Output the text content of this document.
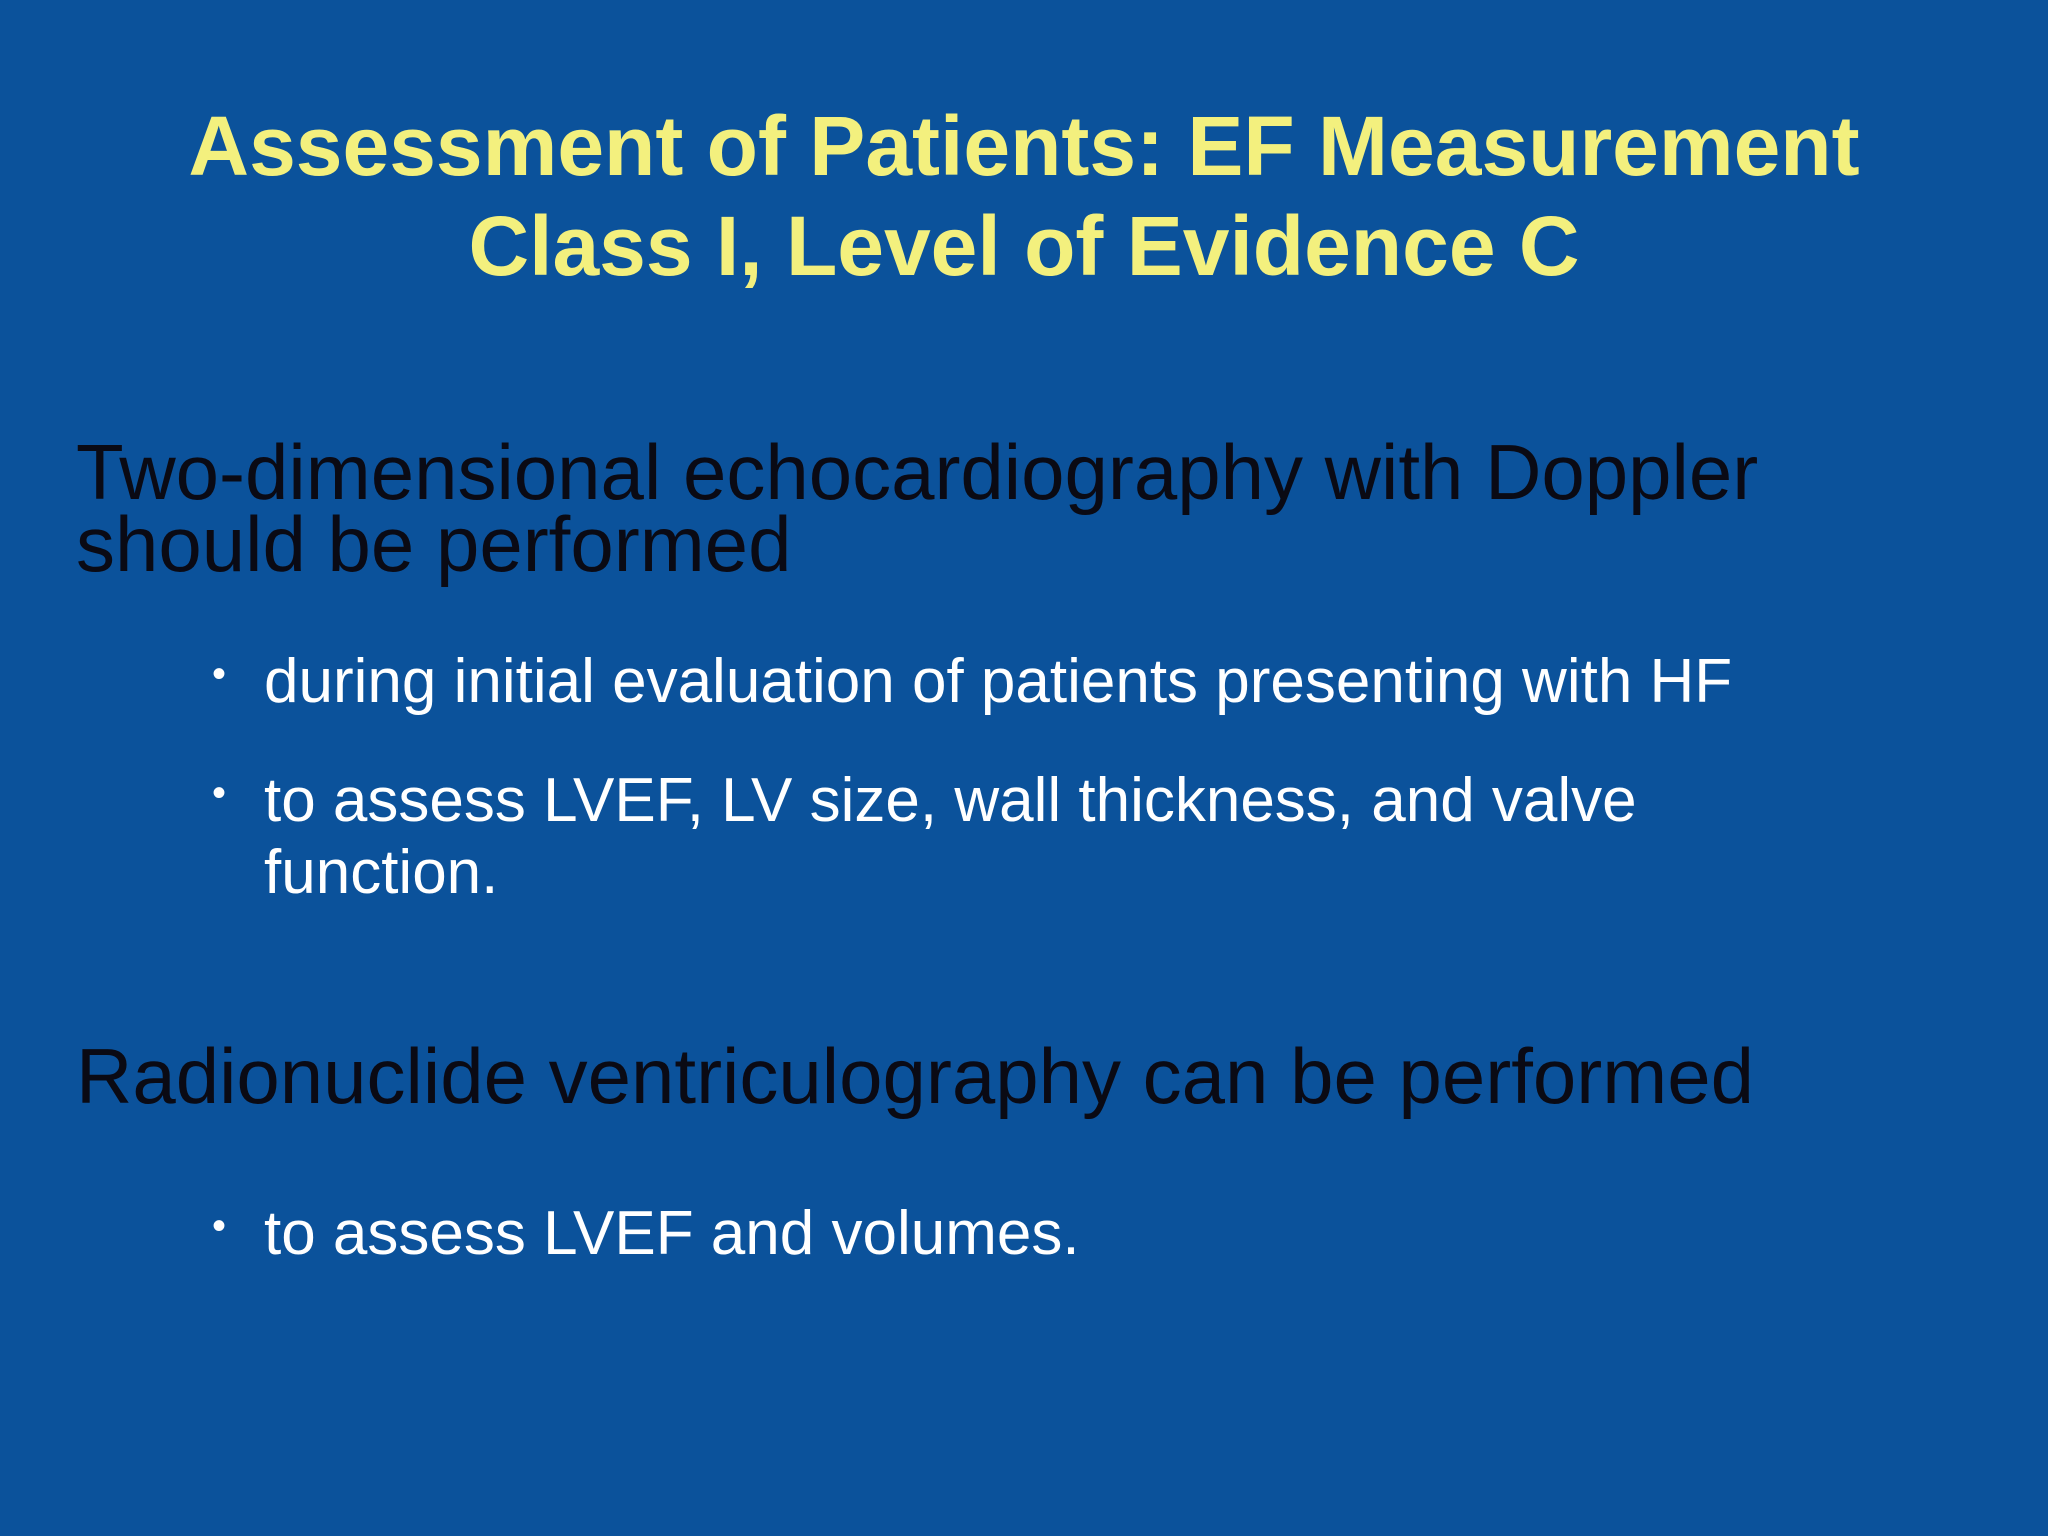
Assessment of Patients: EF Measurement
Class I, Level of Evidence C
Two-dimensional echocardiography with Doppler
should be performed
• during initial evaluation of patients presenting with HF
• to assess LVEF, LV size, wall thickness, and valve
function.
Radionuclide ventriculography can be performed
• to assess LVEF and volumes.
